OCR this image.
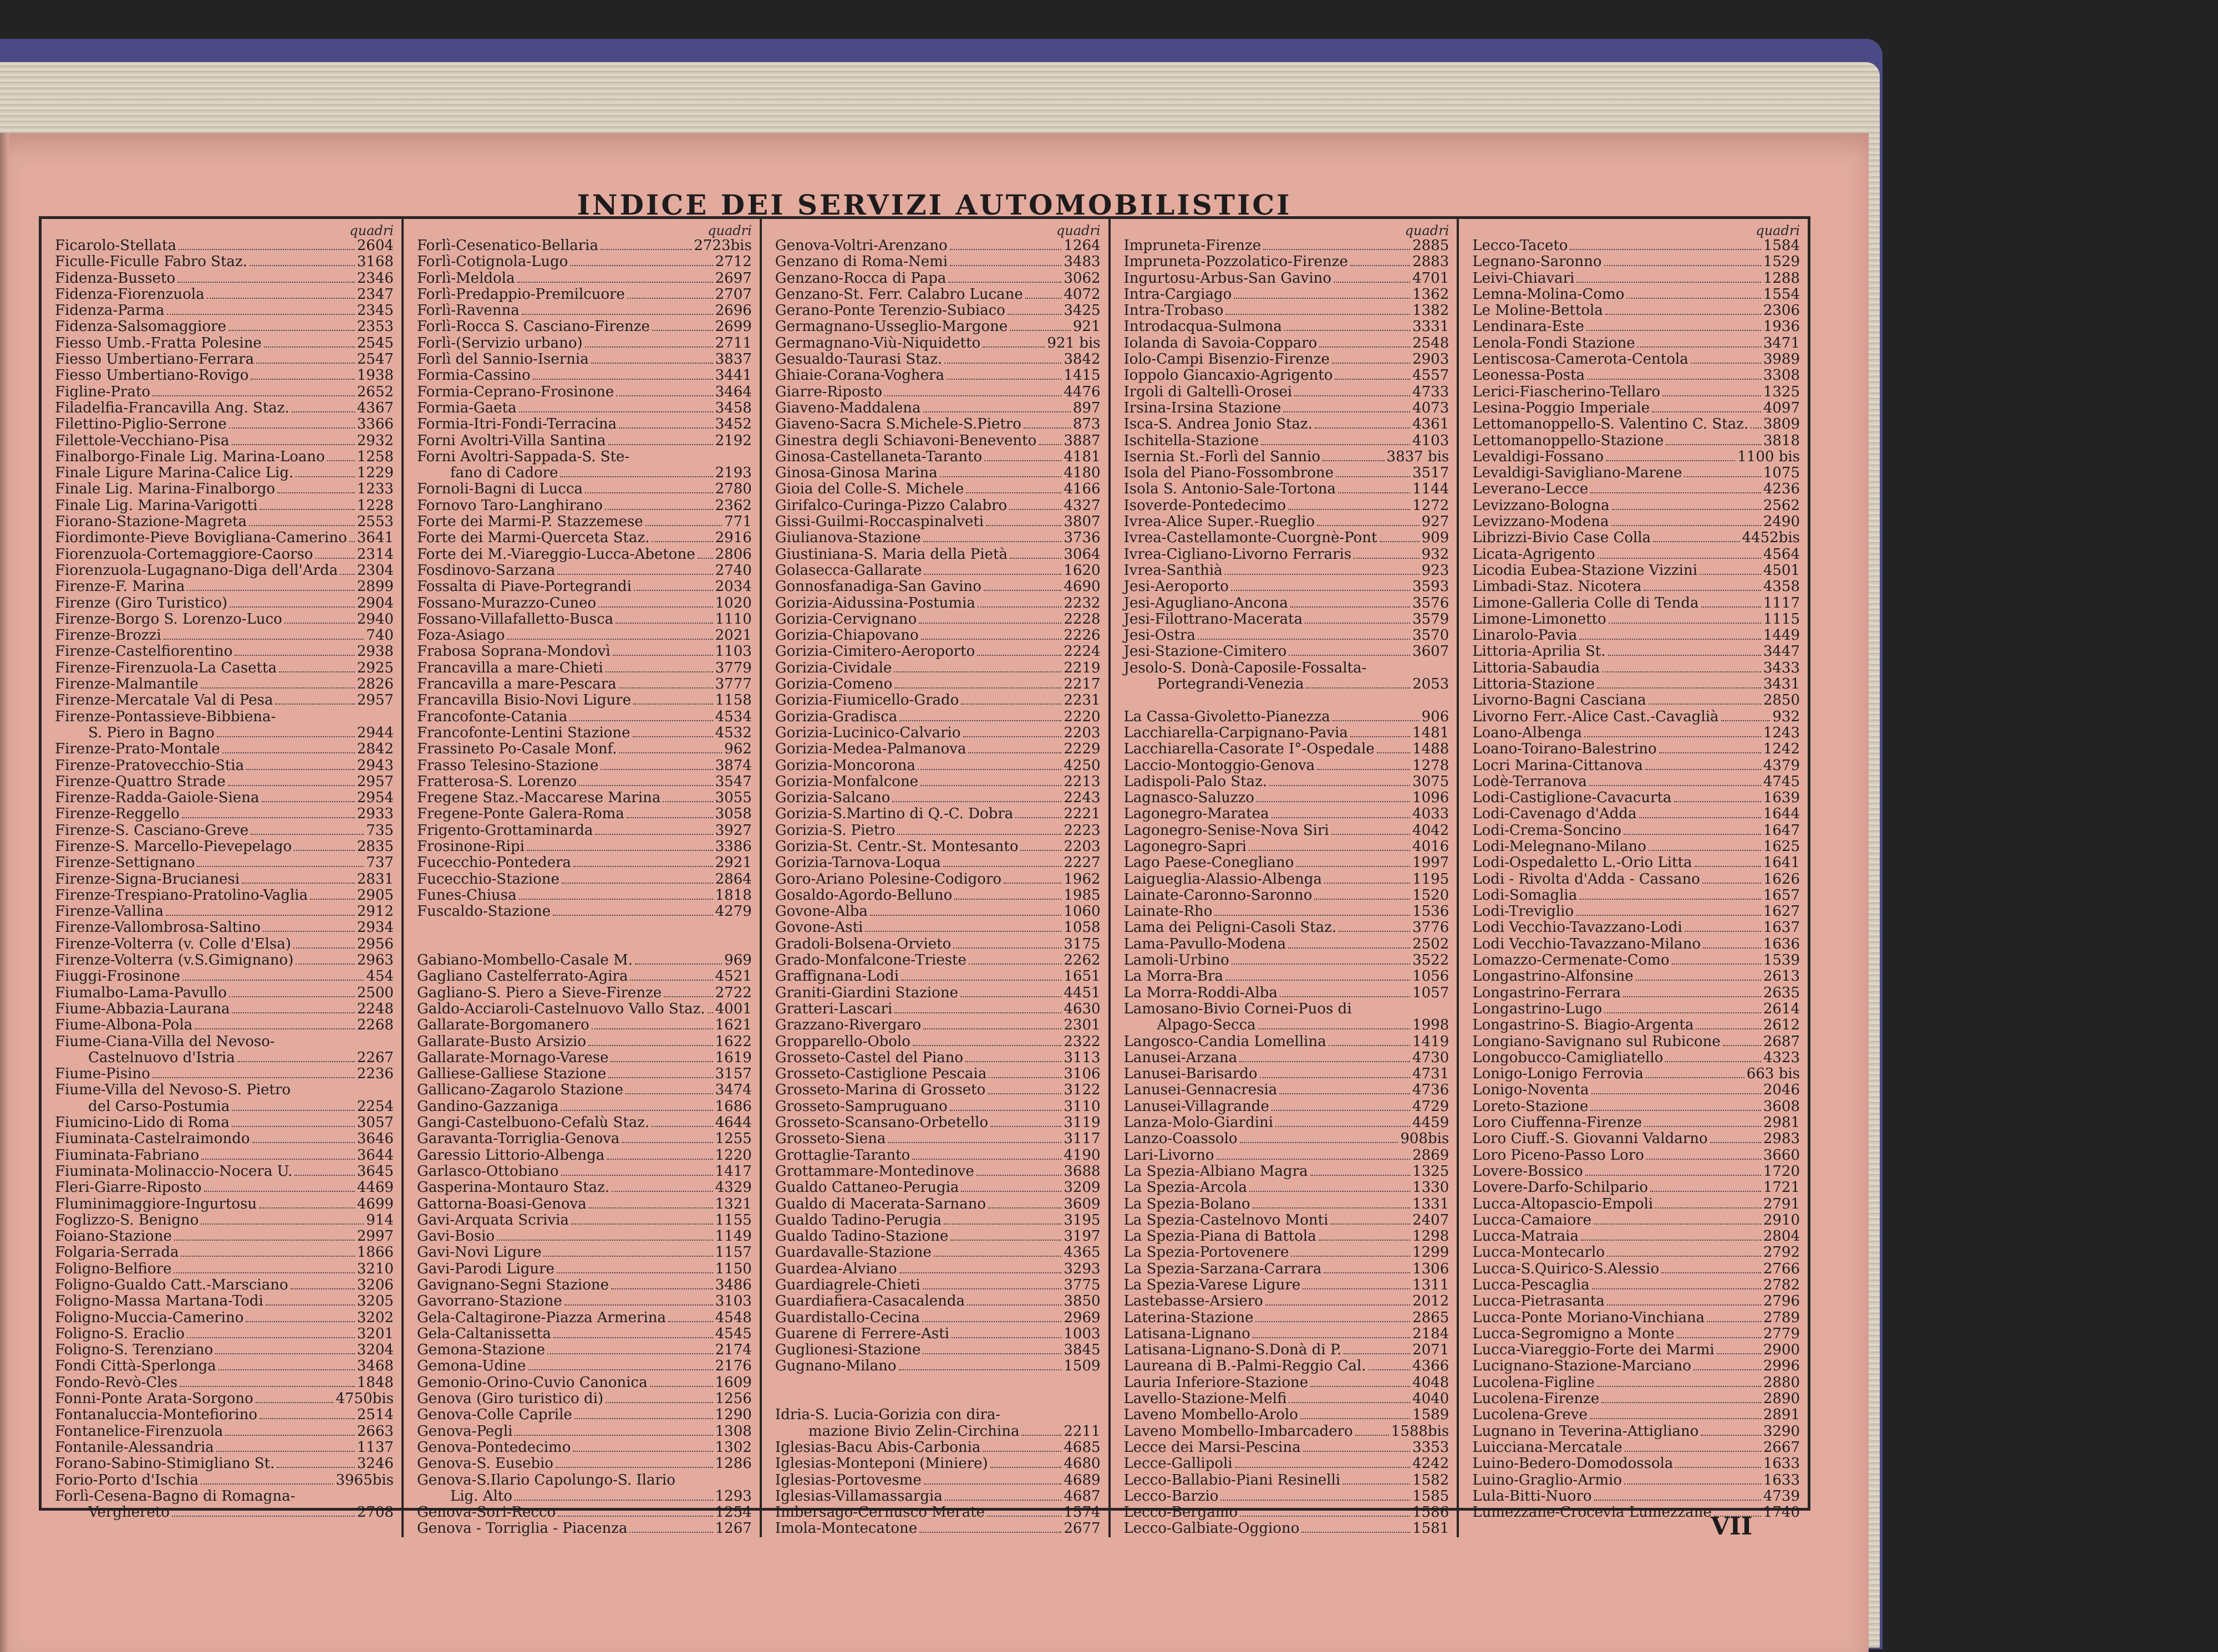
INDICE DEI SERVIZI AUTOMOBILISTICI
quadri
Ficarolo-Stellata	2604
Ficulle-Ficulle Fabro Staz.	3168
Fidenza-Busseto	2346
Fidenza-Fiorenzuola	2347
Fidenza-Parma	2345
Fidenza-Salsomaggiore	2353
Fiesso Umb.-Fratta Polesine	2545
Fiesso Umbertiano-Ferrara	2547
Fiesso Umbertiano-Rovigo	1938
Figline-Prato	2652
Filadelfia-Francavilla Ang. Staz.	4367
Filettino-Piglio-Serrone	3366
Filettole-Vecchiano-Pisa	2932
Finalborgo-Finale Lig. Marina-Loano 1258
Finale Ligure Marina-Calice Lig.	1229
Finale Lig. Marina-Finalborgo	1233
Finale Lig. Marina-Varigotti	1228
Fiorano-Stazione-Magreta	2553
Fiordimonte-Pieve Bovigliana-Camerino 3641
Fiorenzuola-Cortemaggiore-Caorso	2314
Fiorenzuola-Lugagnano-Diga dell'Arda 2304
Firenze-F. Marina	2899
Firenze (Giro Turistico)	2904
Firenze-Borgo S. Lorenzo-Luco	2940
Firenze-Brozzi	740
Firenze-Castelfiorentino	2938
Firenze-Firenzuola-La Casetta	2925
Firenze-Malmantile	2826
Firenze-Mercatale Val di Pesa	2957
Firenze-Pontassieve-Bibbiena-
S. Piero in Bagno	2944
Firenze-Prato-Montale	2842
Firenze-Pratovecchio-Stia	2943
Firenze-Quattro Strade	2957
Firenze-Radda-Gaiole-Siena	2954
Firenze-Reggello	2933
Firenze-S. Casciano-Greve	735
Firenze-S. Marcello-Pievepelago	2835
Firenze-Settignano	737
Firenze-Signa-Brucianesi	2831
Firenze-Trespiano-Pratolino-Vaglia	2905
Firenze-Vallina	2912
Firenze-Vallombrosa-Saltino	2934
Firenze-Volterra (v. Colle d'Elsa)	2956
Firenze-Volterra (v.S.Gimignano)	2963
Fiuggi-Frosinone	454
Fiumalbo-Lama-Pavullo	2500
Fiume-Abbazia-Laurana	2248
Fiume-Albona-Pola	2268
Fiume-Ciana-Villa del Nevoso-
Castelnuovo d'Istria	2267
Fiume-Pisino	2236
Fiume-Villa del Nevoso-S. Pietro
del Carso-Postumia	2254
Fiumicino-Lido di Roma	3057
Fiuminata-Castelraimondo	3646
Fiuminata-Fabriano	3644
Fiuminata-Molinaccio-Nocera U.	3645
Fleri-Giarre-Riposto	4469
Fluminimaggiore-Ingurtosu	4699
Foglizzo-S. Benigno	914
Foiano-Stazione	2997
Folgaria-Serrada	1866
Foligno-Belfiore	3210
Foligno-Gualdo Catt.-Marsciano	3206
Foligno-Massa Martana-Todi	3205
Foligno-Muccia-Camerino	3202
Foligno-S. Eraclio	3201
Foligno-S. Terenziano	3204
Fondi Città-Sperlonga	3468
Fondo-Revò-Cles	1848
Fonni-Ponte Arata-Sorgono	4750bis
Fontanaluccia-Montefiorino	2514
Fontanelice-Firenzuola	2663
Fontanile-Alessandria	1137
Forano-Sabino-Stimigliano St.	3246
Forio-Porto d'Ischia	3965bis
Forlì-Cesena-Bagno di Romagna-
Verghereto	2708
quadri
Forlì-Cesenatico-Bellaria	2723bis
Forlì-Cotignola-Lugo	2712
Forlì-Meldola	2697
Forlì-Predappio-Premilcuore	2707
Forlì-Ravenna	2696
Forlì-Rocca S. Casciano-Firenze	2699
Forlì-(Servizio urbano)	2711
Forlì del Sannio-Isernia	3837
Formia-Cassino	3441
Formia-Ceprano-Frosinone	3464
Formia-Gaeta	3458
Formia-Itri-Fondi-Terracina	3452
Forni Avoltri-Villa Santina	2192
Forni Avoltri-Sappada-S. Ste-
fano di Cadore	2193
Fornoli-Bagni di Lucca	2780
Fornovo Taro-Langhirano	2362
Forte dei Marmi-P. Stazzemese	771
Forte dei Marmi-Querceta Staz.	2916
Forte dei M.-Viareggio-Lucca-Abetone 2806
Fosdinovo-Sarzana	2740
Fossalta di Piave-Portegrandi	2034
Fossano-Murazzo-Cuneo	1020
Fossano-Villafalletto-Busca	1110
Foza-Asiago	2021
Frabosa Soprana-Mondovì	1103
Francavilla a mare-Chieti	3779
Francavilla a mare-Pescara	3777
Francavilla Bisio-Novi Ligure	1158
Francofonte-Catania	4534
Francofonte-Lentini Stazione	4532
Frassineto Po-Casale Monf.	962
Frasso Telesino-Stazione	3874
Fratterosa-S. Lorenzo	3547
Fregene Staz.-Maccarese Marina	3055
Fregene-Ponte Galera-Roma	3058
Frigento-Grottaminarda	3927
Frosinone-Ripi	3386
Fucecchio-Pontedera	2921
Fucecchio-Stazione	2864
Funes-Chiusa	1818
Fuscaldo-Stazione	4279
Gabiano-Mombello-Casale M.	969
Gagliano Castelferrato-Agira	4521
Gagliano-S. Piero a Sieve-Firenze	2722
Galdo-Acciaroli-Castelnuovo Vallo Staz. 4001
Gallarate-Borgomanero	1621
Gallarate-Busto Arsizio	1622
Gallarate-Mornago-Varese	1619
Galliese-Galliese Stazione	3157
Gallicano-Zagarolo Stazione	3474
Gandino-Gazzaniga	1686
Gangi-Castelbuono-Cefalù Staz.	4644
Garavanta-Torriglia-Genova	1255
Garessio Littorio-Albenga	1220
Garlasco-Ottobiano	1417
Gasperina-Montauro Staz.	4329
Gattorna-Boasi-Genova	1321
Gavi-Arquata Scrivia	1155
Gavi-Bosio	1149
Gavi-Novi Ligure	1157
Gavi-Parodi Ligure	1150
Gavignano-Segni Stazione	3486
Gavorrano-Stazione	3103
Gela-Caltagirone-Piazza Armerina	4548
Gela-Caltanissetta	4545
Gemona-Stazione	2174
Gemona-Udine	2176
Gemonio-Orino-Cuvio Canonica	1609
Genova (Giro turistico di)	1256
Genova-Colle Caprile	1290
Genova-Pegli	1308
Genova-Pontedecimo	1302
Genova-S. Eusebio	1286
Genova-S.Ilario Capolungo-S. Ilario
Lig. Alto	1293
Genova-Sori-Recco	1254
Genova - Torriglia - Piacenza	1267
quadri
Genova-Voltri-Arenzano	1264
Genzano di Roma-Nemi	3483
Genzano-Rocca di Papa	3062
Genzano-St. Ferr. Calabro Lucane	4072
Gerano-Ponte Terenzio-Subiaco	3425
Germagnano-Usseglio-Margone	921
Germagnano-Viù-Niquidetto	921 bis
Gesualdo-Taurasi Staz.	3842
Ghiaie-Corana-Voghera	1415
Giarre-Riposto	4476
Giaveno-Maddalena	897
Giaveno-Sacra S.Michele-S.Pietro	873
Ginestra degli Schiavoni-Benevento 3887
Ginosa-Castellaneta-Taranto	4181
Ginosa-Ginosa Marina	4180
Gioia del Colle-S. Michele	4166
Girifalco-Curinga-Pizzo Calabro	4327
Gissi-Guilmi-Roccaspinalveti	3807
Giulianova-Stazione	3736
Giustiniana-S. Maria della Pietà	3064
Golasecca-Gallarate	1620
Gonnosfanadiga-San Gavino	4690
Gorizia-Aidussina-Postumia	2232
Gorizia-Cervignano	2228
Gorizia-Chiapovano	2226
Gorizia-Cimitero-Aeroporto	2224
Gorizia-Cividale	2219
Gorizia-Comeno	2217
Gorizia-Fiumicello-Grado	2231
Gorizia-Gradisca	2220
Gorizia-Lucinico-Calvario	2203
Gorizia-Medea-Palmanova	2229
Gorizia-Moncorona	4250
Gorizia-Monfalcone	2213
Gorizia-Salcano	2243
Gorizia-S.Martino di Q.-C. Dobra	2221
Gorizia-S. Pietro	2223
Gorizia-St. Centr.-St. Montesanto	2203
Gorizia-Tarnova-Loqua	2227
Goro-Ariano Polesine-Codigoro	1962
Gosaldo-Agordo-Belluno	1985
Govone-Alba	1060
Govone-Asti	1058
Gradoli-Bolsena-Orvieto	3175
Grado-Monfalcone-Trieste	2262
Graffignana-Lodi	1651
Graniti-Giardini Stazione	4451
Gratteri-Lascari	4630
Grazzano-Rivergaro	2301
Gropparello-Obolo	2322
Grosseto-Castel del Piano	3113
Grosseto-Castiglione Pescaia	3106
Grosseto-Marina di Grosseto	3122
Grosseto-Sampruguano	3110
Grosseto-Scansano-Orbetello	3119
Grosseto-Siena	3117
Grottaglie-Taranto	4190
Grottammare-Montedinove	3688
Gualdo Cattaneo-Perugia	3209
Gualdo di Macerata-Sarnano	3609
Gualdo Tadino-Perugia	3195
Gualdo Tadino-Stazione	3197
Guardavalle-Stazione	4365
Guardea-Alviano	3293
Guardiagrele-Chieti	3775
Guardiafiera-Casacalenda	3850
Guardistallo-Cecina	2969
Guarene di Ferrere-Asti	1003
Guglionesi-Stazione	3845
Gugnano-Milano	1509
Idria-S. Lucia-Gorizia con dira-
mazione Bivio Zelin-Circhina	2211
Iglesias-Bacu Abis-Carbonia	4685
Iglesias-Monteponi (Miniere)	4680
Iglesias-Portovesme	4689
Iglesias-Villamassargia	4687
Imbersago-Cernusco Merate	1574
Imola-Montecatone	2677
quadri
Impruneta-Firenze	2885
Impruneta-Pozzolatico-Firenze	2883
Ingurtosu-Arbus-San Gavino	4701
Intra-Cargiago	1362
Intra-Trobaso	1382
Introdacqua-Sulmona	3331
Iolanda di Savoia-Copparo	2548
Iolo-Campi Bisenzio-Firenze	2903
Ioppolo Giancaxio-Agrigento	4557
Irgoli di Galtellì-Orosei	4733
Irsina-Irsina Stazione	4073
Isca-S. Andrea Jonio Staz.	4361
Ischitella-Stazione	4103
Isernia St.-Forlì del Sannio	3837 bis
Isola del Piano-Fossombrone	3517
Isola S. Antonio-Sale-Tortona	1144
Isoverde-Pontedecimo	1272
Ivrea-Alice Super.-Rueglio	927
Ivrea-Castellamonte-Cuorgnè-Pont	909
Ivrea-Cigliano-Livorno Ferraris	932
Ivrea-Santhià	923
Jesi-Aeroporto	3593
Jesi-Agugliano-Ancona	3576
Jesi-Filottrano-Macerata	3579
Jesi-Ostra	3570
Jesi-Stazione-Cimitero	3607
Jesolo-S. Donà-Caposile-Fossalta-
Portegrandi-Venezia	2053
La Cassa-Givoletto-Pianezza	906
Lacchiarella-Carpignano-Pavia	1481
Lacchiarella-Casorate I°-Ospedale	1488
Laccio-Montoggio-Genova	1278
Ladispoli-Palo Staz.	3075
Lagnasco-Saluzzo	1096
Lagonegro-Maratea	4033
Lagonegro-Senise-Nova Siri	4042
Lagonegro-Sapri	4016
Lago Paese-Conegliano	1997
Laigueglia-Alassio-Albenga	1195
Lainate-Caronno-Saronno	1520
Lainate-Rho	1536
Lama dei Peligni-Casoli Staz.	3776
Lama-Pavullo-Modena	2502
Lamoli-Urbino	3522
La Morra-Bra	1056
La Morra-Roddi-Alba	1057
Lamosano-Bivio Cornei-Puos di
Alpago-Secca	1998
Langosco-Candia Lomellina	1419
Lanusei-Arzana	4730
Lanusei-Barisardo	4731
Lanusei-Gennacresia	4736
Lanusei-Villagrande	4729
Lanza-Molo-Giardini	4459
Lanzo-Coassolo	908bis
Lari-Livorno	2869
La Spezia-Albiano Magra	1325
La Spezia-Arcola	1330
La Spezia-Bolano	1331
La Spezia-Castelnovo Monti	2407
La Spezia-Piana di Battola	1298
La Spezia-Portovenere	1299
La Spezia-Sarzana-Carrara	1306
La Spezia-Varese Ligure	1311
Lastebasse-Arsiero	2012
Laterina-Stazione	2865
Latisana-Lignano	2184
Latisana-Lignano-S.Donà di P.	2071
Laureana di B.-Palmi-Reggio Cal.	4366
Lauria Inferiore-Stazione	4048
Lavello-Stazione-Melfi	4040
Laveno Mombello-Arolo	1589
Laveno Mombello-Imbarcadero	1588bis
Lecce dei Marsi-Pescina	3353
Lecce-Gallipoli	4242
Lecco-Ballabio-Piani Resinelli	1582
Lecco-Barzio	1585
Lecco-Bergamo	1586
Lecco-Galbiate-Oggiono	1581
quadri
Lecco-Taceto	1584
Legnano-Saronno	1529
Leivi-Chiavari	1288
Lemna-Molina-Como	1554
Le Moline-Bettola	2306
Lendinara-Este	1936
Lenola-Fondi Stazione	3471
Lentiscosa-Camerota-Centola	3989
Leonessa-Posta	3308
Lerici-Fiascherino-Tellaro	1325
Lesina-Poggio Imperiale	4097
Lettomanoppello-S. Valentino C. Staz. 3809
Lettomanoppello-Stazione	3818
Levaldigi-Fossano	1100 bis
Levaldigi-Savigliano-Marene	1075
Leverano-Lecce	4236
Levizzano-Bologna	2562
Levizzano-Modena	2490
Librizzi-Bivio Case Colla	4452bis
Licata-Agrigento	4564
Licodia Eubea-Stazione Vizzini	4501
Limbadi-Staz. Nicotera	4358
Limone-Galleria Colle di Tenda	1117
Limone-Limonetto	1115
Linarolo-Pavia	1449
Littoria-Aprilia St.	3447
Littoria-Sabaudia	3433
Littoria-Stazione	3431
Livorno-Bagni Casciana	2850
Livorno Ferr.-Alice Cast.-Cavaglià	932
Loano-Albenga	1243
Loano-Toirano-Balestrino	1242
Locri Marina-Cittanova	4379
Lodè-Terranova	4745
Lodi-Castiglione-Cavacurta	1639
Lodi-Cavenago d'Adda	1644
Lodi-Crema-Soncino	1647
Lodi-Melegnano-Milano	1625
Lodi-Ospedaletto L.-Orio Litta	1641
Lodi - Rivolta d'Adda - Cassano	1626
Lodi-Somaglia	1657
Lodi-Treviglio	1627
Lodi Vecchio-Tavazzano-Lodi	1637
Lodi Vecchio-Tavazzano-Milano	1636
Lomazzo-Cermenate-Como	1539
Longastrino-Alfonsine	2613
Longastrino-Ferrara	2635
Longastrino-Lugo	2614
Longastrino-S. Biagio-Argenta	2612
Longiano-Savignano sul Rubicone	2687
Longobucco-Camigliatello	4323
Lonigo-Lonigo Ferrovia	663 bis
Lonigo-Noventa	2046
Loreto-Stazione	3608
Loro Ciuffenna-Firenze	2981
Loro Ciuff.-S. Giovanni Valdarno	2983
Loro Piceno-Passo Loro	3660
Lovere-Bossico	1720
Lovere-Darfo-Schilpario	1721
Lucca-Altopascio-Empoli	2791
Lucca-Camaiore	2910
Lucca-Matraia	2804
Lucca-Montecarlo	2792
Lucca-S.Quirico-S.Alessio	2766
Lucca-Pescaglia	2782
Lucca-Pietrasanta	2796
Lucca-Ponte Moriano-Vinchiana	2789
Lucca-Segromigno a Monte	2779
Lucca-Viareggio-Forte dei Marmi	2900
Lucignano-Stazione-Marciano	2996
Lucolena-Figline	2880
Lucolena-Firenze	2890
Lucolena-Greve	2891
Lugnano in Teverina-Attigliano	3290
Luicciana-Mercatale	2667
Luino-Bedero-Domodossola	1633
Luino-Graglio-Armio	1633
Lula-Bitti-Nuoro	4739
Lumezzane-Crocevia Lumezzane	1740

VII
